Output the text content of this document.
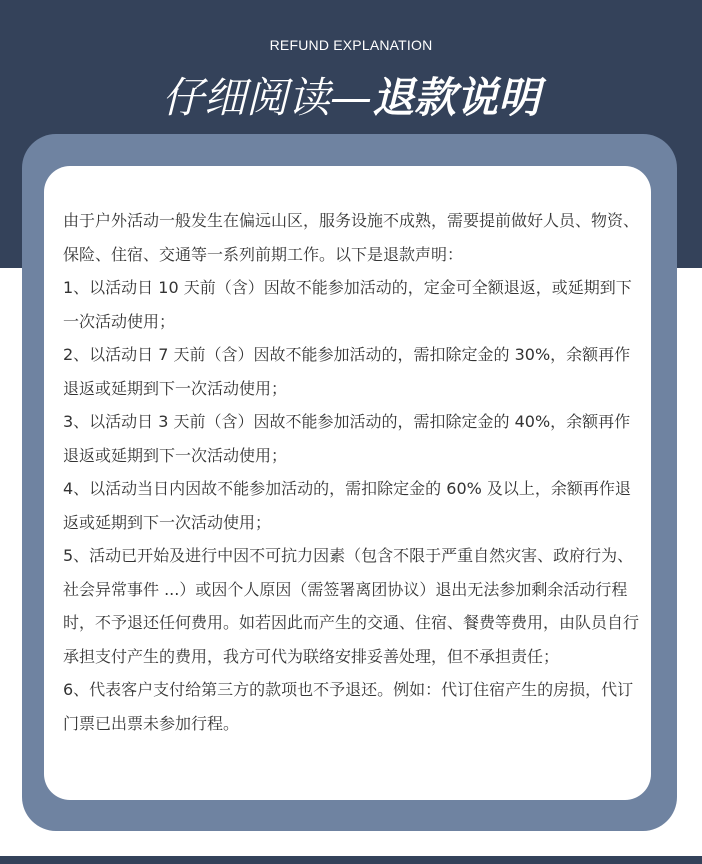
REFUND EXPLANATION
仔细阅读—退款说明

由于户外活动一般发生在偏远山区，服务设施不成熟，需要提前做好人员、物资、保险、住宿、交通等一系列前期工作。以下是退款声明：

1、以活动日 10 天前（含）因故不能参加活动的，定金可全额退返，或延期到下一次活动使用；

2、以活动日 7 天前（含）因故不能参加活动的，需扣除定金的 30%，余额再作退返或延期到下一次活动使用；

3、以活动日 3 天前（含）因故不能参加活动的，需扣除定金的 40%，余额再作退返或延期到下一次活动使用；

4、以活动当日内因故不能参加活动的，需扣除定金的 60% 及以上，余额再作退返或延期到下一次活动使用；

5、活动已开始及进行中因不可抗力因素（包含不限于严重自然灾害、政府行为、社会异常事件 ...）或因个人原因（需签署离团协议）退出无法参加剩余活动行程时，不予退还任何费用。如若因此而产生的交通、住宿、餐费等费用，由队员自行承担支付产生的费用，我方可代为联络安排妥善处理，但不承担责任；

6、代表客户支付给第三方的款项也不予退还。例如：代订住宿产生的房损，代订门票已出票未参加行程。
